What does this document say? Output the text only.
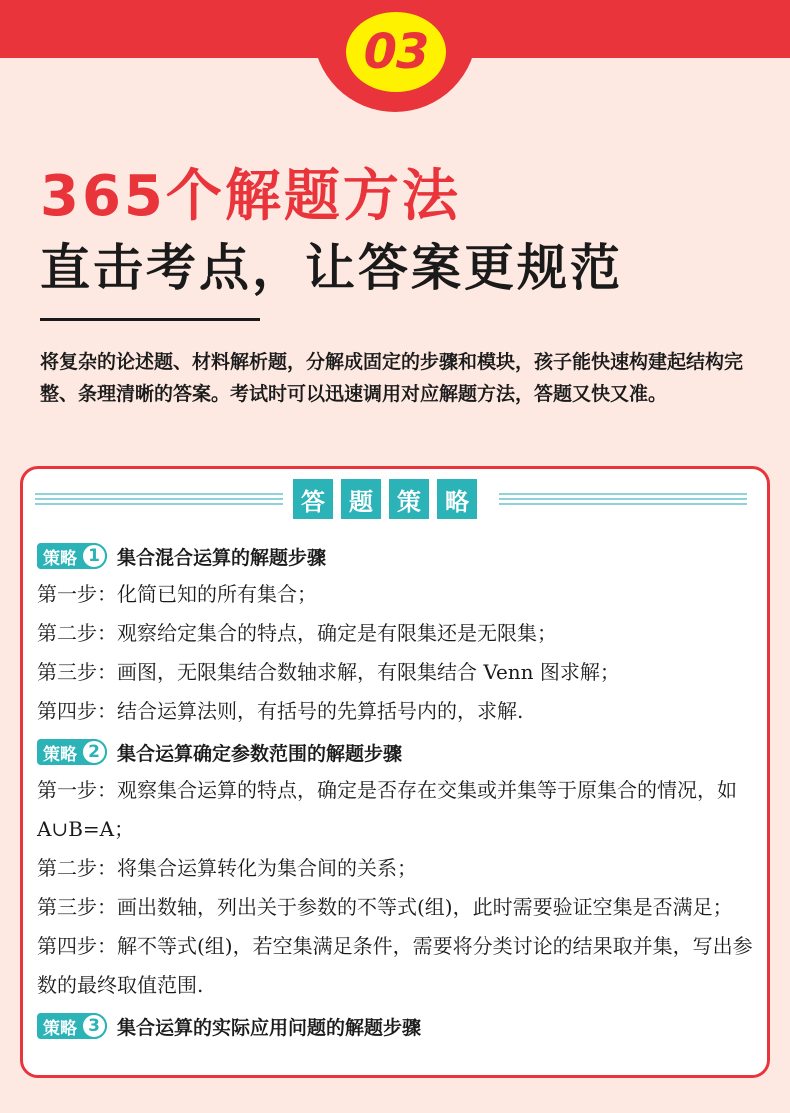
03
365个解题方法
直击考点，让答案更规范

将复杂的论述题、材料解析题，分解成固定的步骤和模块，孩子能快速构建起结构完整、条理清晰的答案。考试时可以迅速调用对应解题方法，答题又快又准。

答	题	策	略
策略 1 集合混合运算的解题步骤
第一步：化简已知的所有集合；
第二步：观察给定集合的特点，确定是有限集还是无限集；
第三步：画图，无限集结合数轴求解，有限集结合 Venn 图求解；
第四步：结合运算法则，有括号的先算括号内的，求解.
策略 2 集合运算确定参数范围的解题步骤
第一步：观察集合运算的特点，确定是否存在交集或并集等于原集合的情况，如 A∪B=A；
第二步：将集合运算转化为集合间的关系；
第三步：画出数轴，列出关于参数的不等式(组)，此时需要验证空集是否满足；
第四步：解不等式(组)，若空集满足条件，需要将分类讨论的结果取并集，写出参数的最终取值范围.
策略 3 集合运算的实际应用问题的解题步骤
